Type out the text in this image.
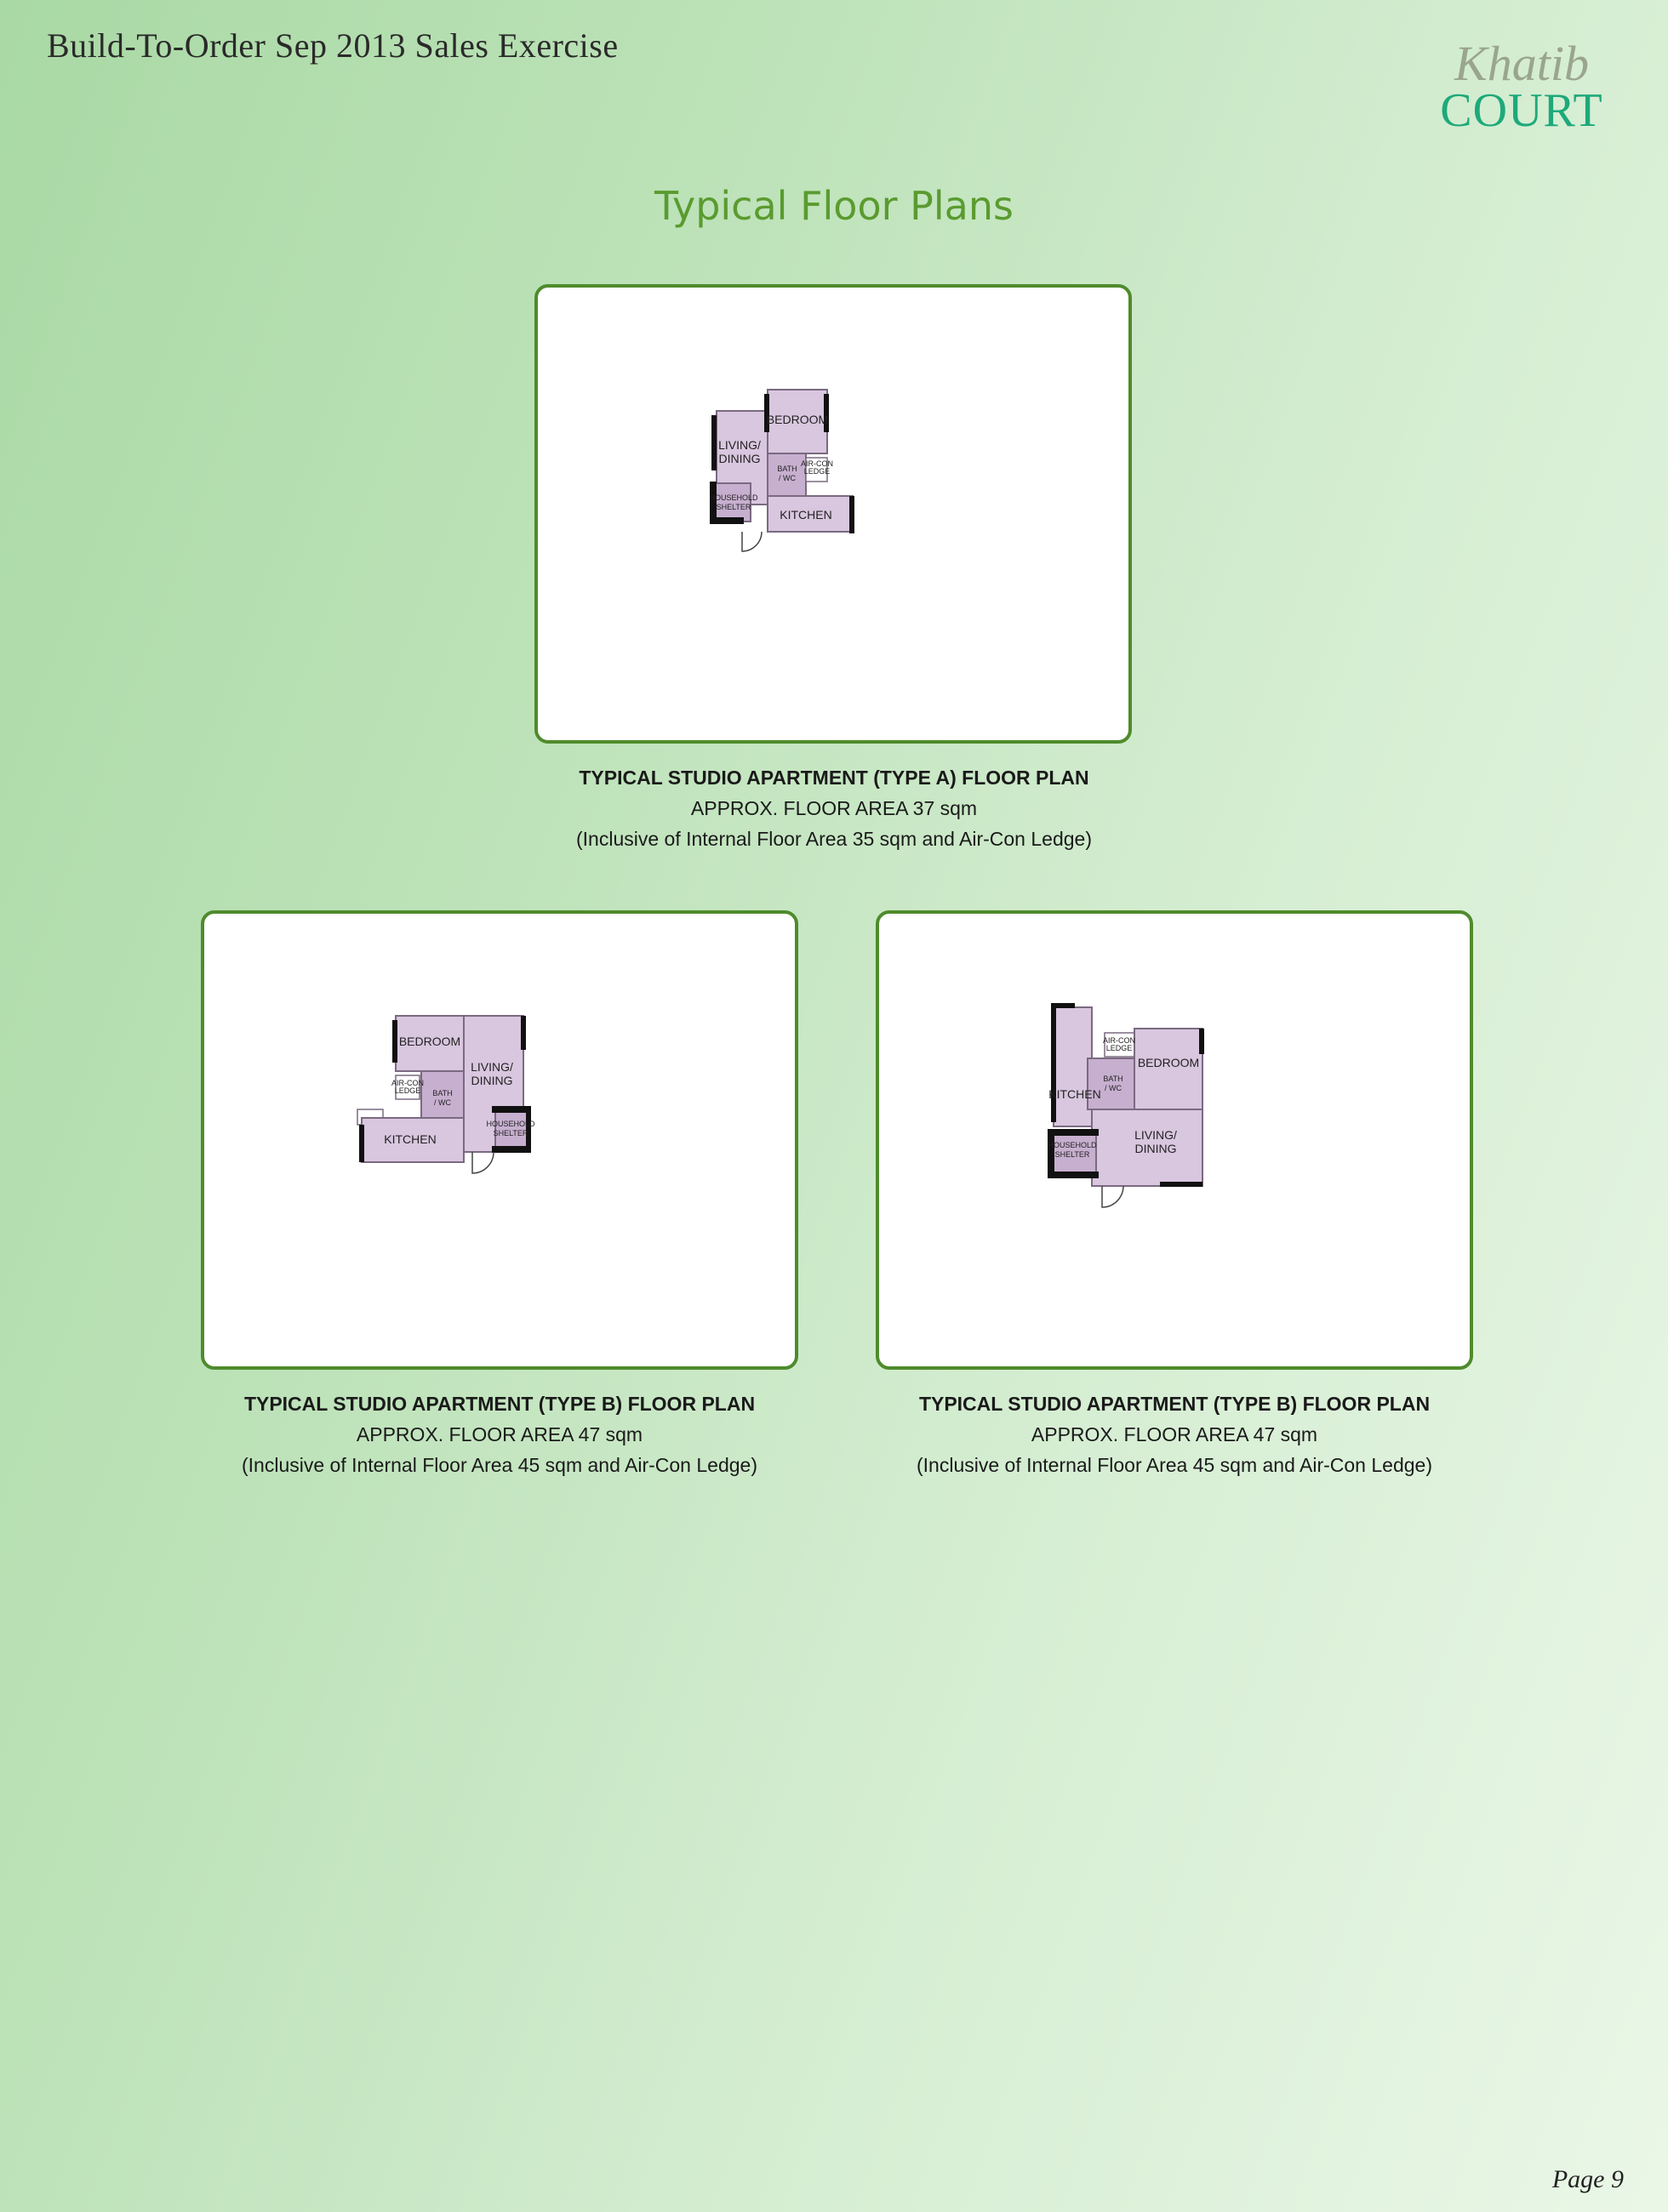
Build-To-Order Sep 2013 Sales Exercise	Khatib
COURT
Typical Floor Plans
BEDROOM
LIVING/
DINING
BATH
/ WC
AIR-CON
LEDGE
HOUSEHOLD
SHELTER
KITCHEN
TYPICAL STUDIO APARTMENT (TYPE A) FLOOR PLAN
APPROX. FLOOR AREA 37 sqm
(Inclusive of Internal Floor Area 35 sqm and Air-Con Ledge)
BEDROOM
LIVING/
DINING
BATH
/ WC
AIR-CON
LEDGE
HOUSEHOLD
SHELTER
KITCHEN
TYPICAL STUDIO APARTMENT (TYPE B) FLOOR PLAN
APPROX. FLOOR AREA 47 sqm
(Inclusive of Internal Floor Area 45 sqm and Air-Con Ledge)
BEDROOM
LIVING/
DINING
BATH
/ WC
AIR-CON
LEDGE
HOUSEHOLD
SHELTER
KITCHEN
TYPICAL STUDIO APARTMENT (TYPE B) FLOOR PLAN
APPROX. FLOOR AREA 47 sqm
(Inclusive of Internal Floor Area 45 sqm and Air-Con Ledge)
Page 9
